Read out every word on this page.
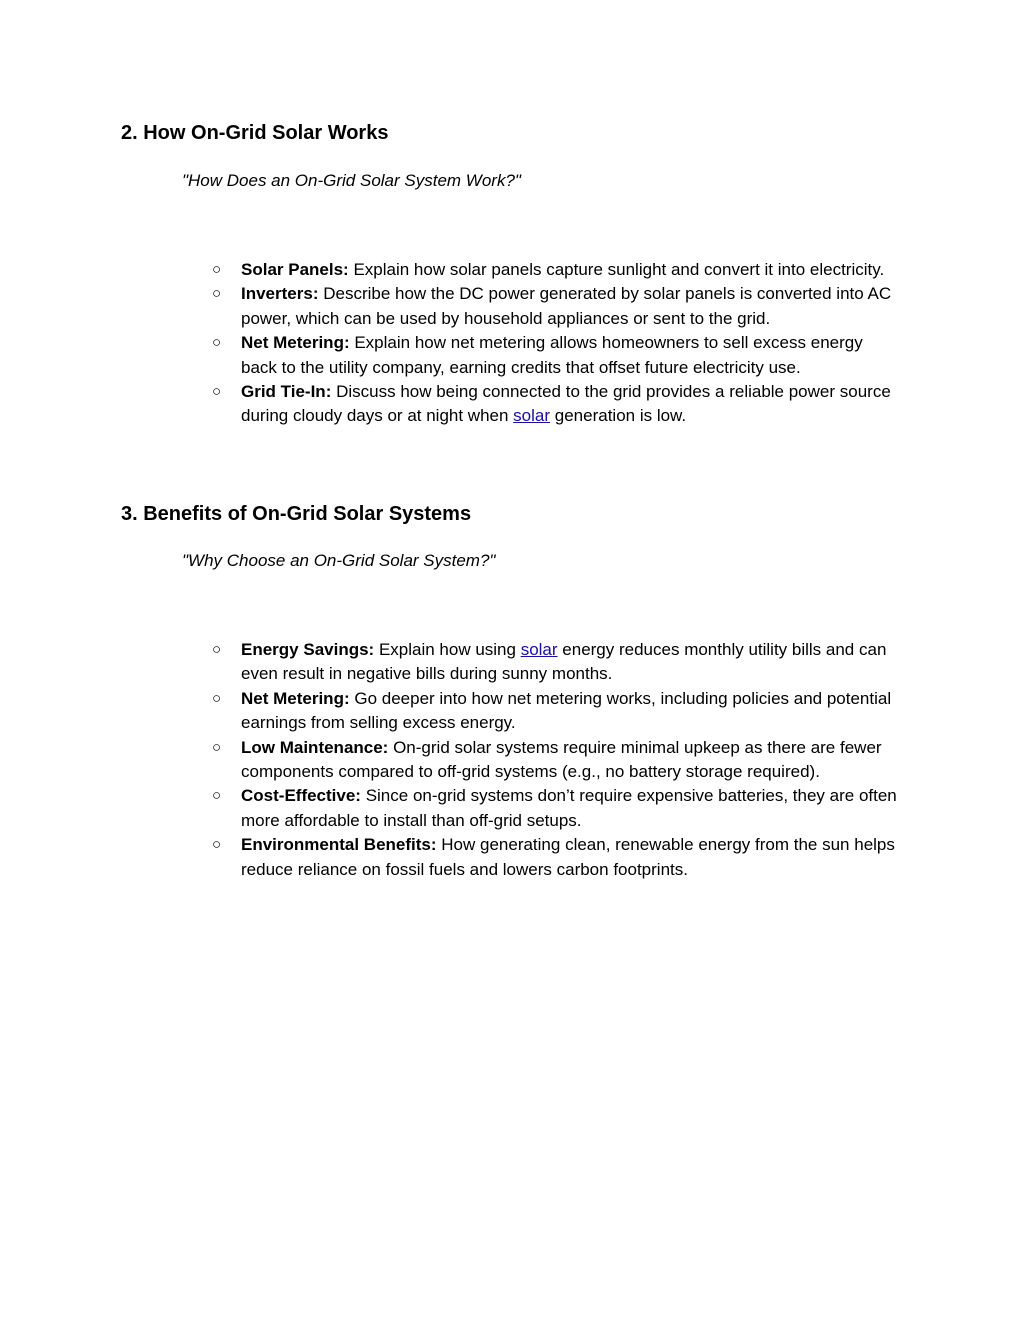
2. How On-Grid Solar Works

"How Does an On-Grid Solar System Work?"

○ Solar Panels: Explain how solar panels capture sunlight and convert it into electricity.
○ Inverters: Describe how the DC power generated by solar panels is converted into AC power, which can be used by household appliances or sent to the grid.
○ Net Metering: Explain how net metering allows homeowners to sell excess energy back to the utility company, earning credits that offset future electricity use.
○ Grid Tie-In: Discuss how being connected to the grid provides a reliable power source during cloudy days or at night when solar generation is low.
3. Benefits of On-Grid Solar Systems

"Why Choose an On-Grid Solar System?"

○ Energy Savings: Explain how using solar energy reduces monthly utility bills and can even result in negative bills during sunny months.
○ Net Metering: Go deeper into how net metering works, including policies and potential earnings from selling excess energy.
○ Low Maintenance: On-grid solar systems require minimal upkeep as there are fewer components compared to off-grid systems (e.g., no battery storage required).
○ Cost-Effective: Since on-grid systems don’t require expensive batteries, they are often more affordable to install than off-grid setups.
○ Environmental Benefits: How generating clean, renewable energy from the sun helps reduce reliance on fossil fuels and lowers carbon footprints.
